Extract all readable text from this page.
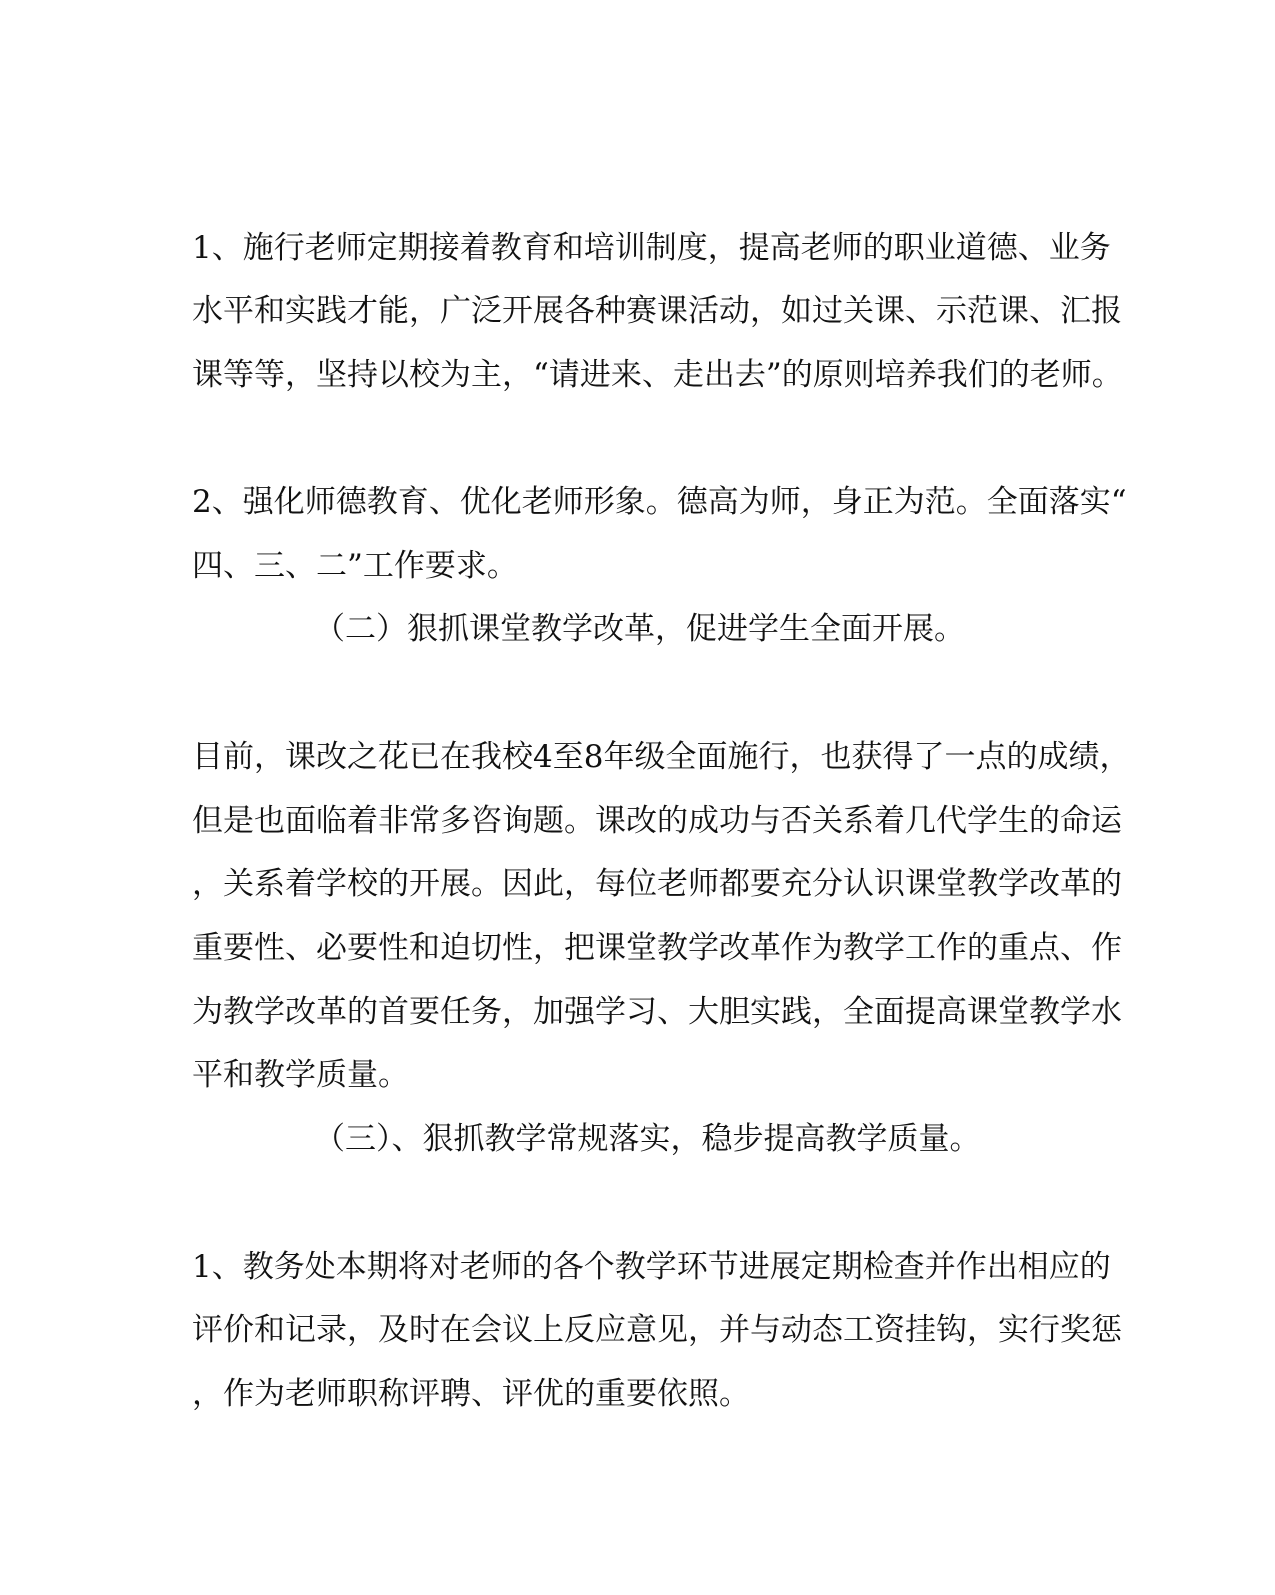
1、施行老师定期接着教育和培训制度，提高老师的职业道德、业务
水平和实践才能，广泛开展各种赛课活动，如过关课、示范课、汇报
课等等，坚持以校为主，“请进来、走出去”的原则培养我们的老师。
2、强化师德教育、优化老师形象。德高为师，身正为范。全面落实“
四、三、二”工作要求。
（二）狠抓课堂教学改革，促进学生全面开展。
目前，课改之花已在我校4至8年级全面施行，也获得了一点的成绩，
但是也面临着非常多咨询题。课改的成功与否关系着几代学生的命运
，关系着学校的开展。因此，每位老师都要充分认识课堂教学改革的
重要性、必要性和迫切性，把课堂教学改革作为教学工作的重点、作
为教学改革的首要任务，加强学习、大胆实践，全面提高课堂教学水
平和教学质量。
（三）、狠抓教学常规落实，稳步提高教学质量。
1、教务处本期将对老师的各个教学环节进展定期检查并作出相应的
评价和记录，及时在会议上反应意见，并与动态工资挂钩，实行奖惩
，作为老师职称评聘、评优的重要依照。
